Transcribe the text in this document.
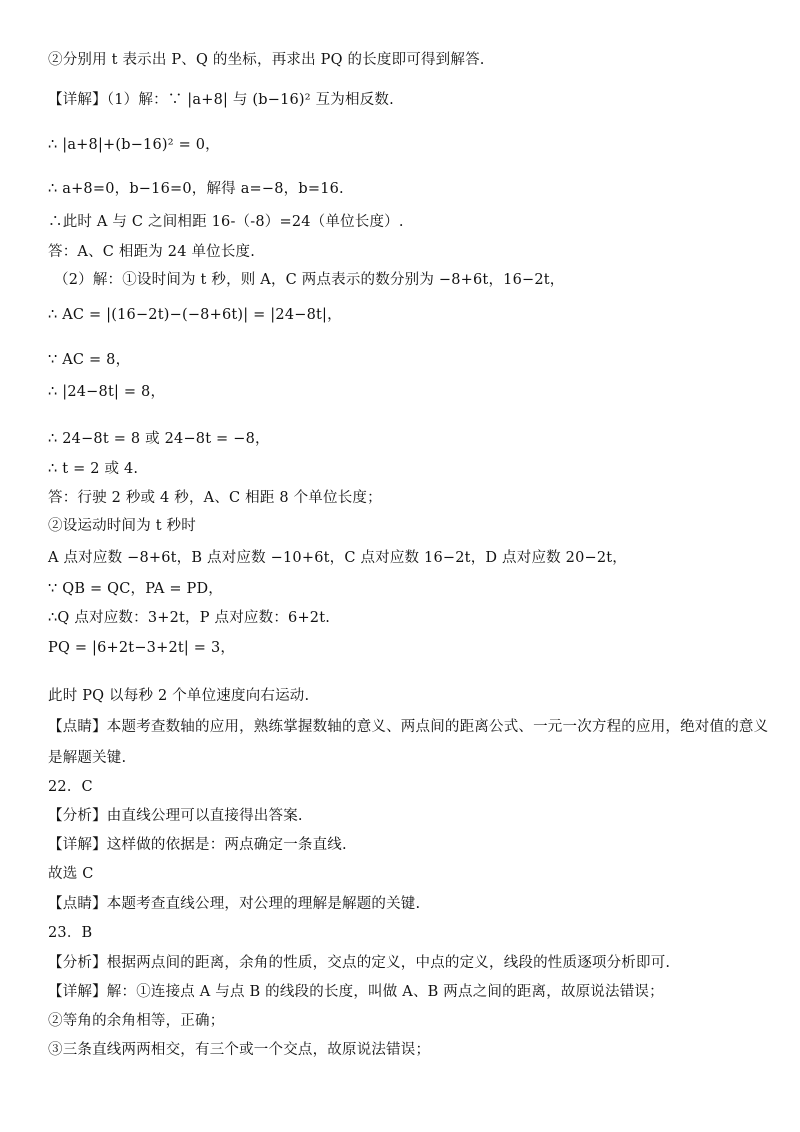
②分别用 t 表示出 P、Q 的坐标，再求出 PQ 的长度即可得到解答.
【详解】（1）解：∵ |a+8| 与 (b−16)² 互为相反数.
∴ |a+8|+(b−16)² = 0，
∴ a+8=0，b−16=0，解得 a=−8，b=16.
∴此时 A 与 C 之间相距 16-（-8）=24（单位长度）.
答：A、C 相距为 24 单位长度.
（2）解：①设时间为 t 秒，则 A，C 两点表示的数分别为 −8+6t，16−2t，
∴ AC = |(16−2t)−(−8+6t)| = |24−8t|，
∵ AC = 8，
∴ |24−8t| = 8，
∴ 24−8t = 8 或 24−8t = −8，
∴ t = 2 或 4.
答：行驶 2 秒或 4 秒，A、C 相距 8 个单位长度；
②设运动时间为 t 秒时
A 点对应数 −8+6t，B 点对应数 −10+6t，C 点对应数 16−2t，D 点对应数 20−2t，
∵ QB = QC，PA = PD，
∴Q 点对应数：3+2t，P 点对应数：6+2t.
PQ = |6+2t−3+2t| = 3，
此时 PQ 以每秒 2 个单位速度向右运动.
【点睛】本题考查数轴的应用，熟练掌握数轴的意义、两点间的距离公式、一元一次方程的应用，绝对值的意义
是解题关键.
22．C
【分析】由直线公理可以直接得出答案.
【详解】这样做的依据是：两点确定一条直线.
故选 C
【点睛】本题考查直线公理，对公理的理解是解题的关键.
23．B
【分析】根据两点间的距离，余角的性质，交点的定义，中点的定义，线段的性质逐项分析即可.
【详解】解：①连接点 A 与点 B 的线段的长度，叫做 A、B 两点之间的距离，故原说法错误；
②等角的余角相等，正确；
③三条直线两两相交，有三个或一个交点，故原说法错误；
